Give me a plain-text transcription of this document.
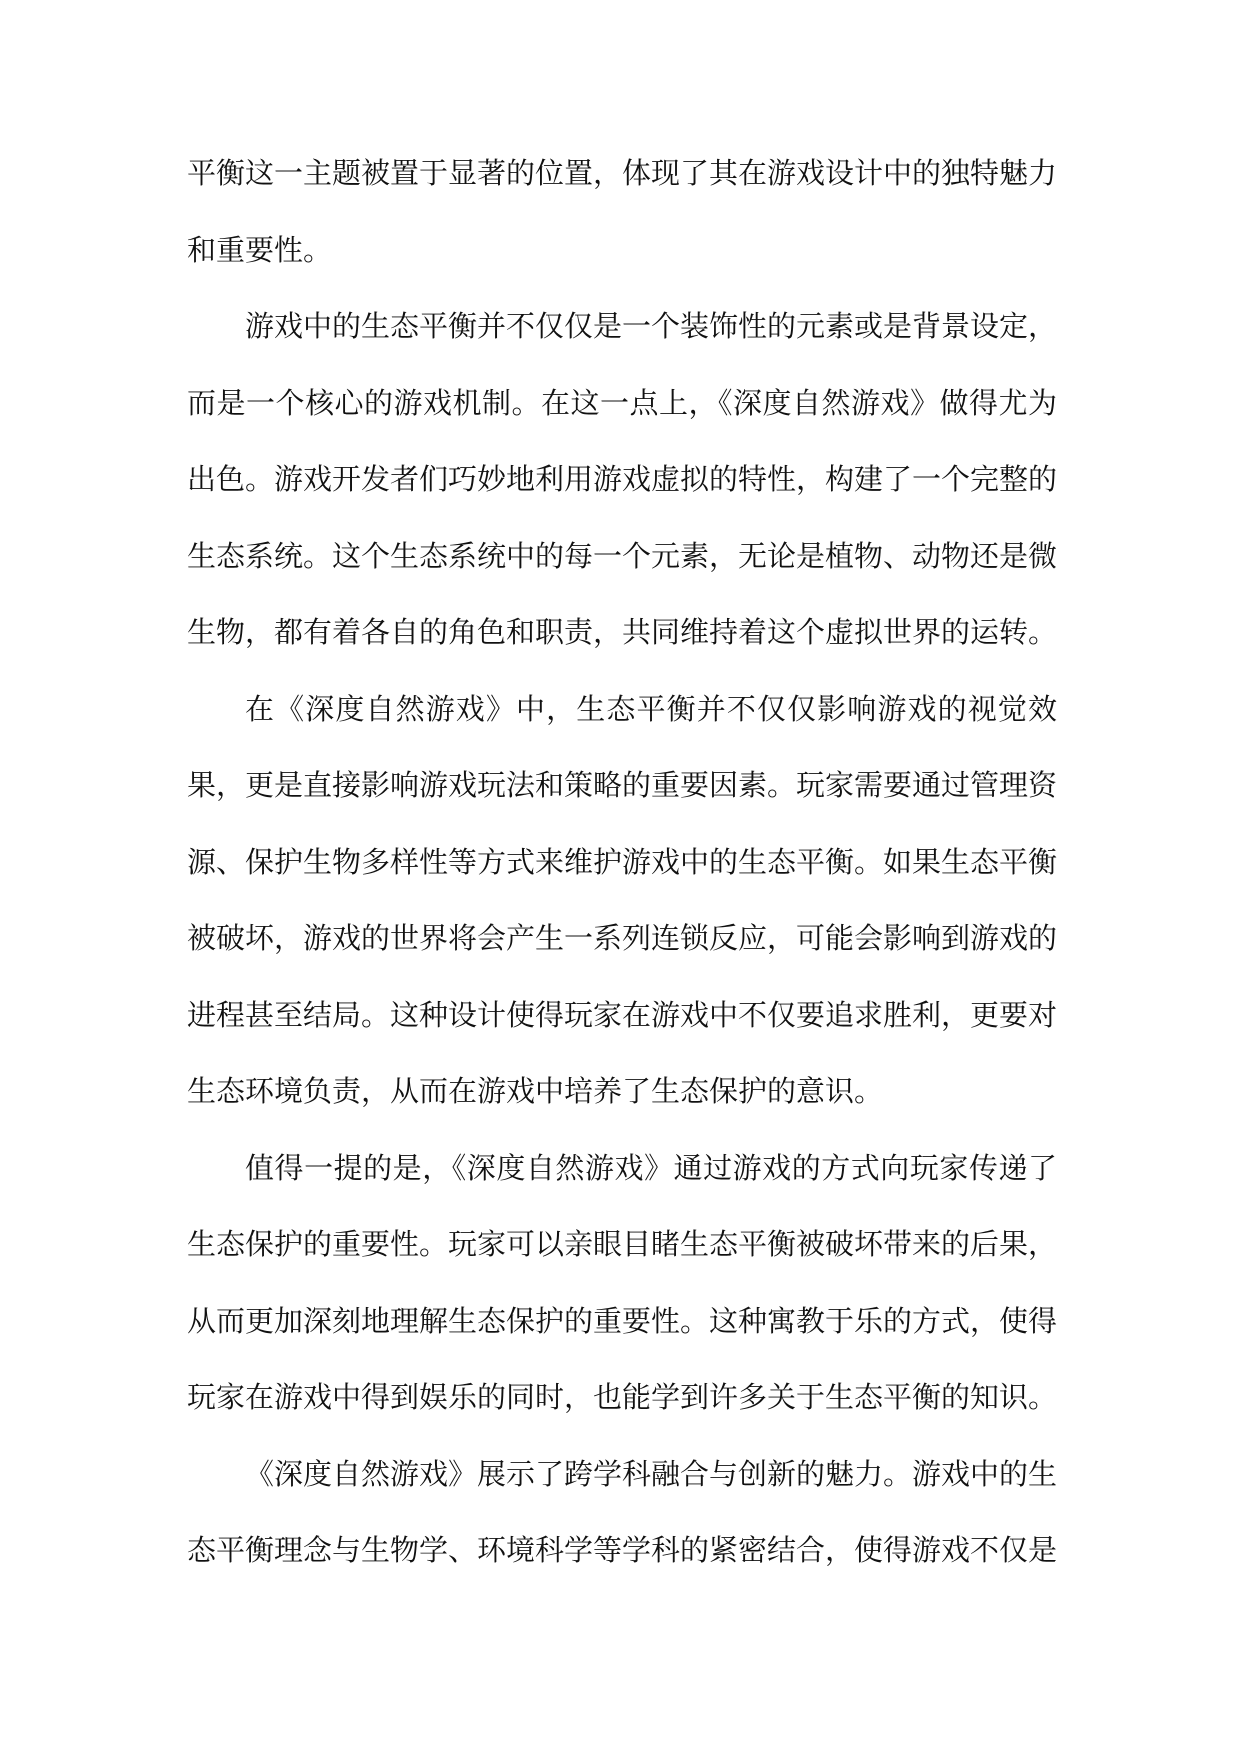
平衡这一主题被置于显著的位置，体现了其在游戏设计中的独特魅力和重要性。

游戏中的生态平衡并不仅仅是一个装饰性的元素或是背景设定，而是一个核心的游戏机制。在这一点上，《深度自然游戏》做得尤为出色。游戏开发者们巧妙地利用游戏虚拟的特性，构建了一个完整的生态系统。这个生态系统中的每一个元素，无论是植物、动物还是微生物，都有着各自的角色和职责，共同维持着这个虚拟世界的运转。

在《深度自然游戏》中，生态平衡并不仅仅影响游戏的视觉效果，更是直接影响游戏玩法和策略的重要因素。玩家需要通过管理资源、保护生物多样性等方式来维护游戏中的生态平衡。如果生态平衡被破坏，游戏的世界将会产生一系列连锁反应，可能会影响到游戏的进程甚至结局。这种设计使得玩家在游戏中不仅要追求胜利，更要对生态环境负责，从而在游戏中培养了生态保护的意识。

值得一提的是，《深度自然游戏》通过游戏的方式向玩家传递了生态保护的重要性。玩家可以亲眼目睹生态平衡被破坏带来的后果，从而更加深刻地理解生态保护的重要性。这种寓教于乐的方式，使得玩家在游戏中得到娱乐的同时，也能学到许多关于生态平衡的知识。

《深度自然游戏》展示了跨学科融合与创新的魅力。游戏中的生态平衡理念与生物学、环境科学等学科的紧密结合，使得游戏不仅是
